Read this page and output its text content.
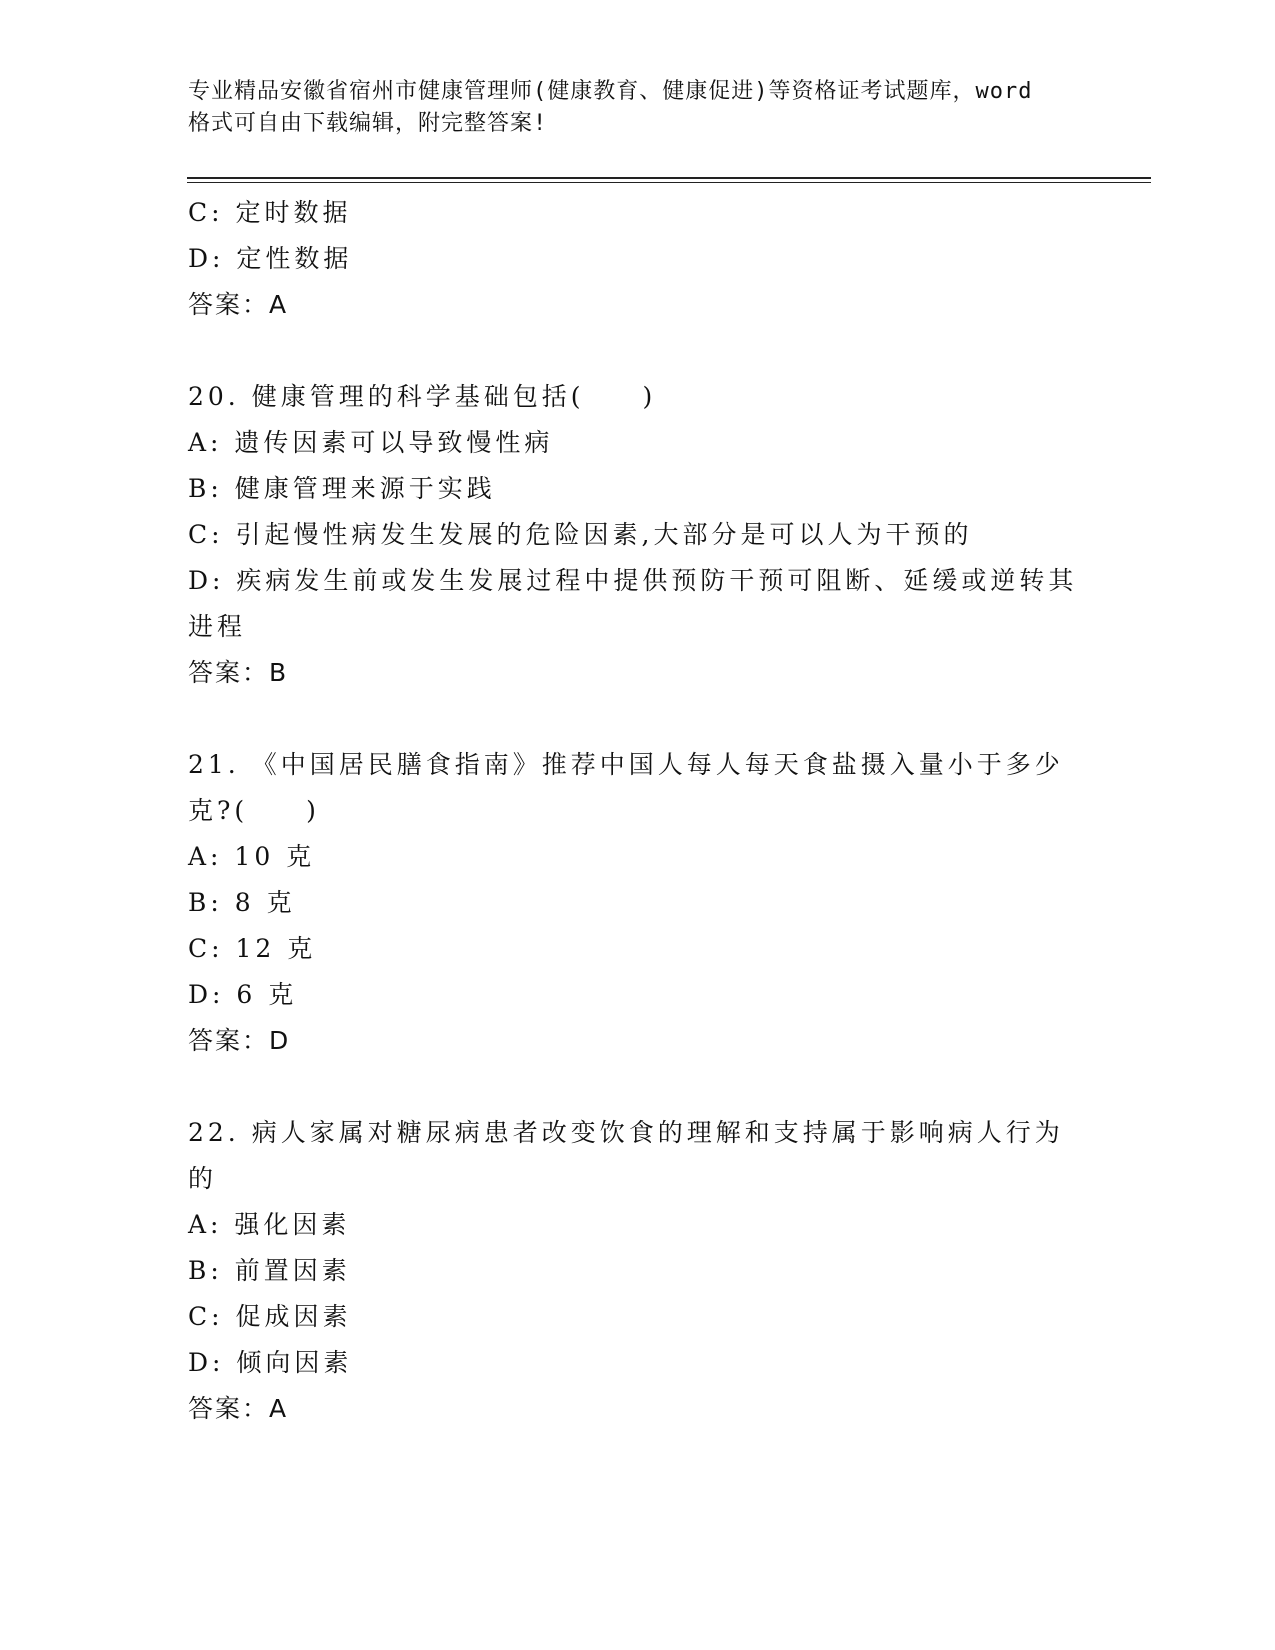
专业精品安徽省宿州市健康管理师(健康教育、健康促进)等资格证考试题库，word
格式可自由下载编辑，附完整答案!
C: 定时数据
D: 定性数据
答案：A
20. 健康管理的科学基础包括(　　)
A: 遗传因素可以导致慢性病
B: 健康管理来源于实践
C: 引起慢性病发生发展的危险因素,大部分是可以人为干预的
D: 疾病发生前或发生发展过程中提供预防干预可阻断、延缓或逆转其
进程
答案：B
21. 《中国居民膳食指南》推荐中国人每人每天食盐摄入量小于多少
克?(　　)
A: 10 克
B: 8 克
C: 12 克
D: 6 克
答案：D
22. 病人家属对糖尿病患者改变饮食的理解和支持属于影响病人行为
的
A: 强化因素
B: 前置因素
C: 促成因素
D: 倾向因素
答案：A
